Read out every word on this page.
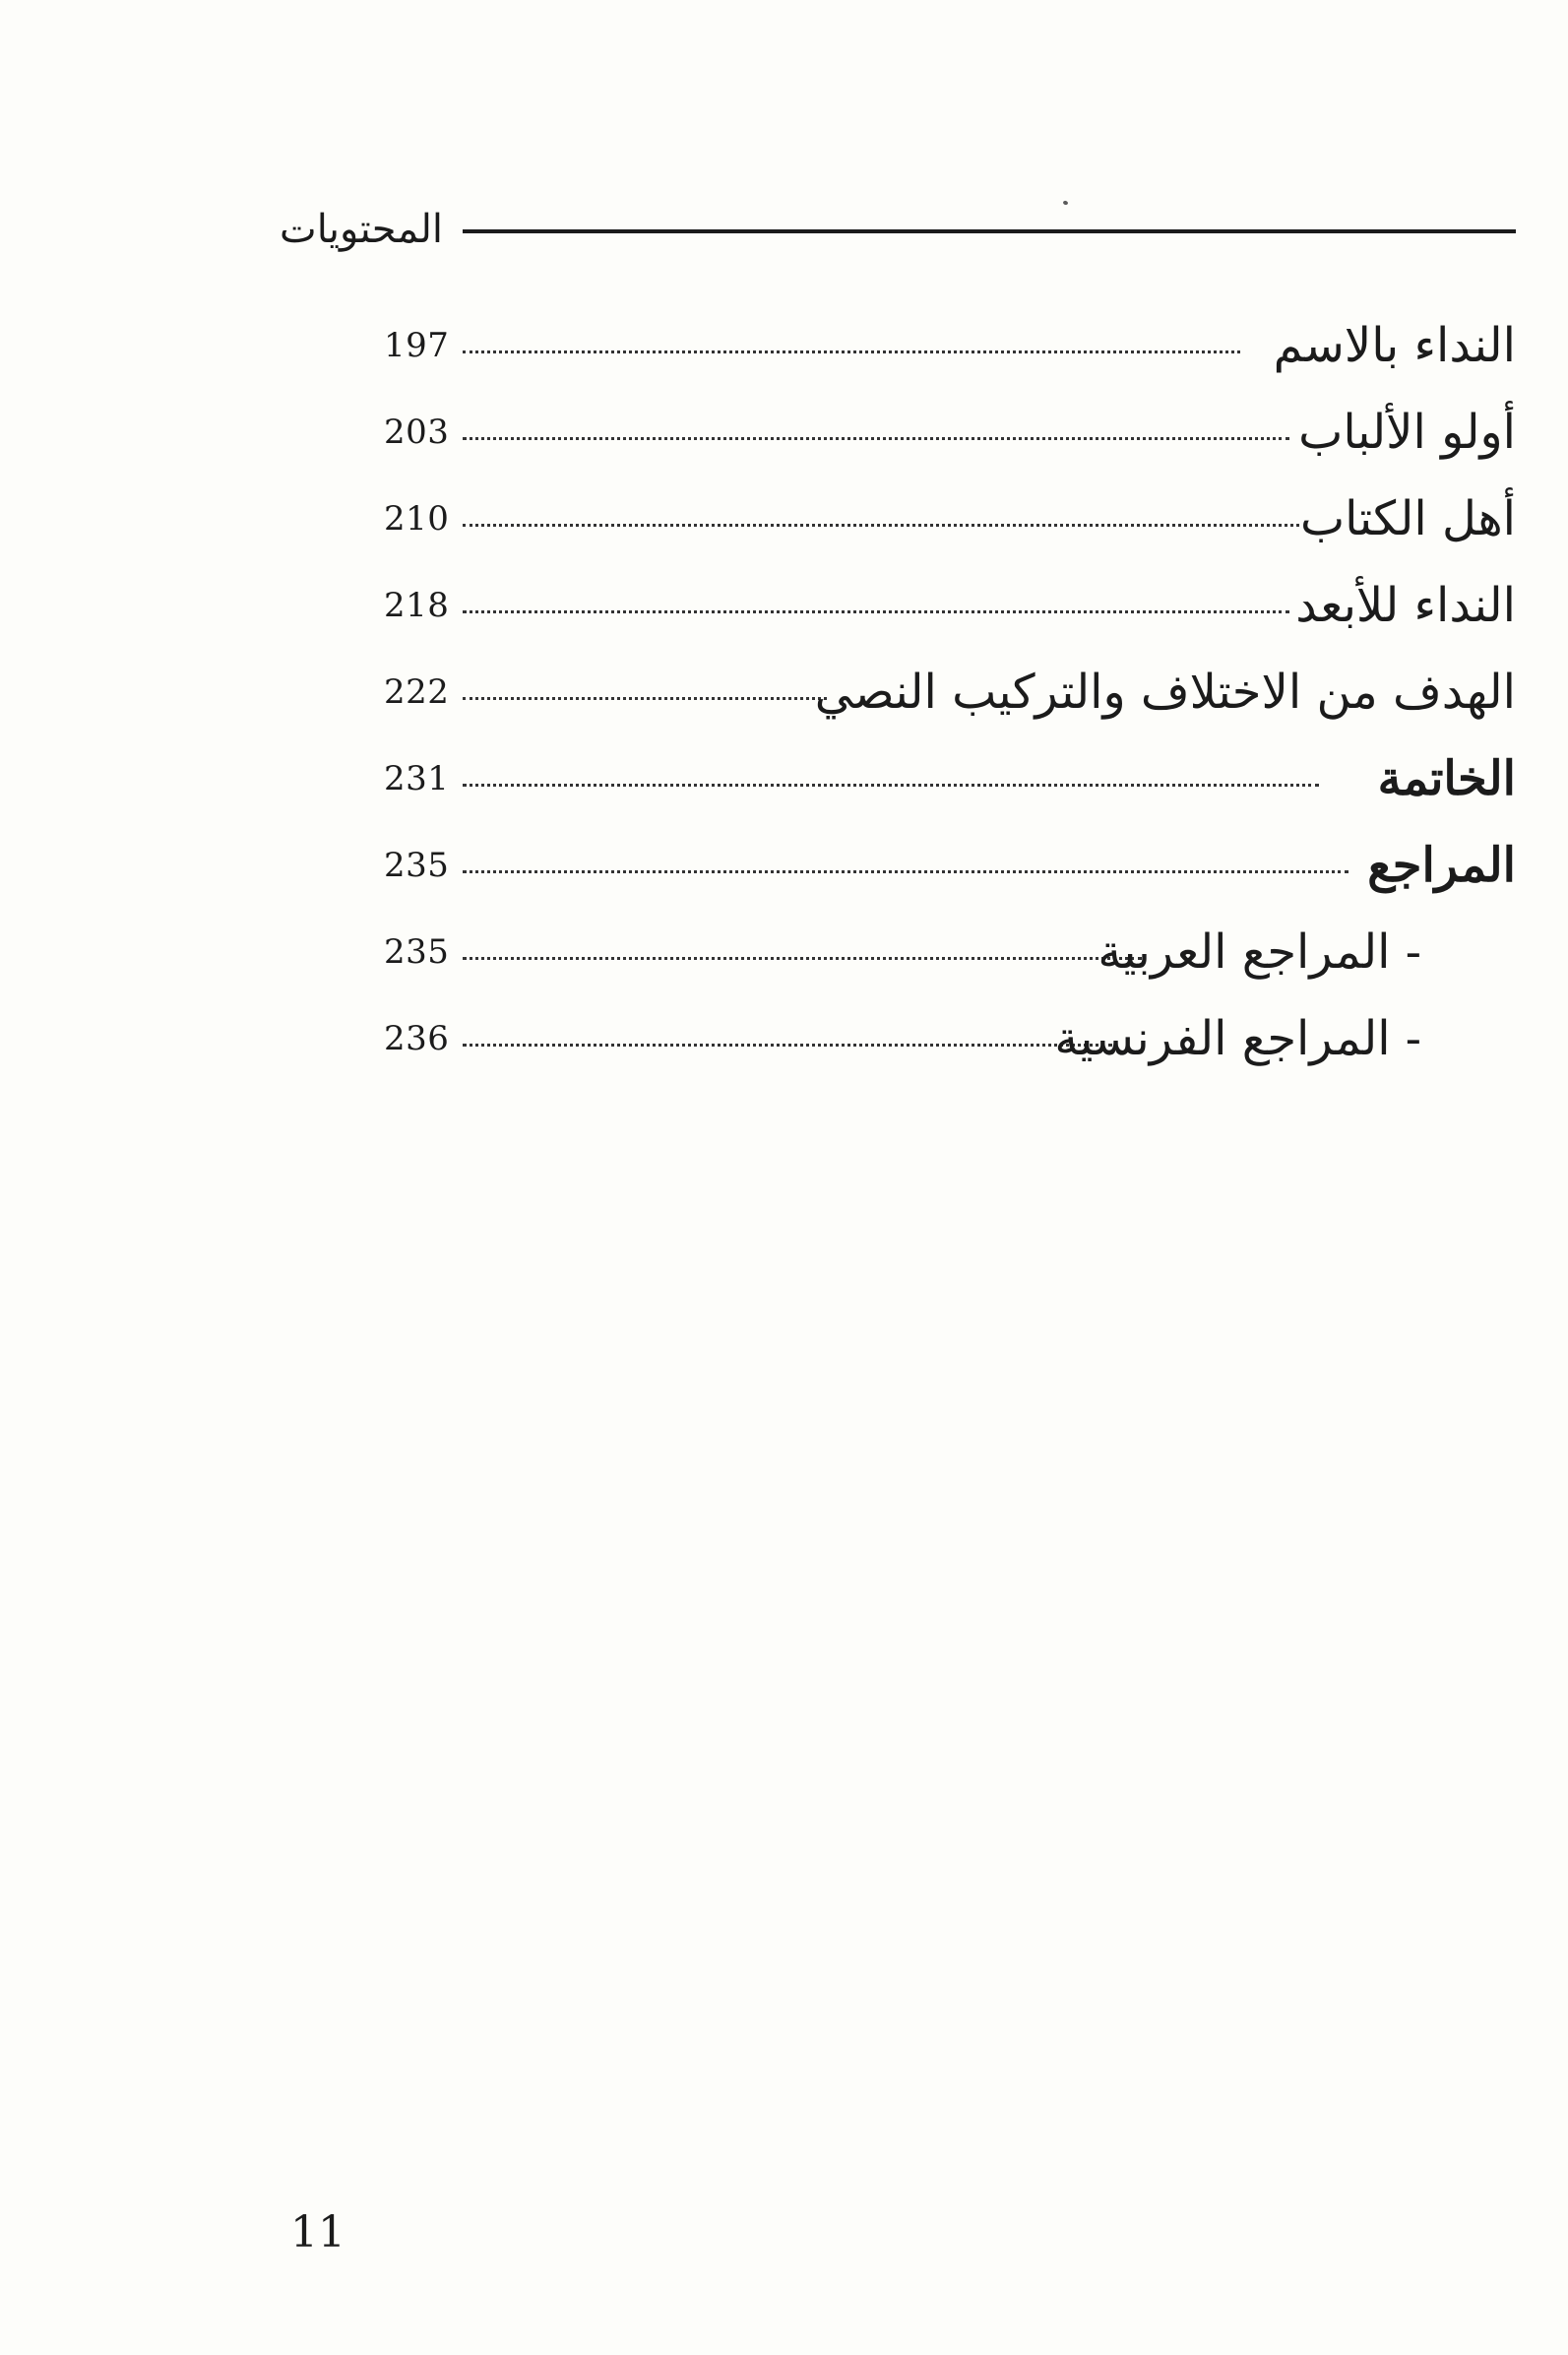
المحتويات
197	النداء بالاسم
203	أولو الألباب
210	أهل الكتاب
218	النداء للأبعد
222	الهدف من الاختلاف والتركيب النصي
231	الخاتمة
235	المراجع
235	- المراجع العربية
236	- المراجع الفرنسية
11
